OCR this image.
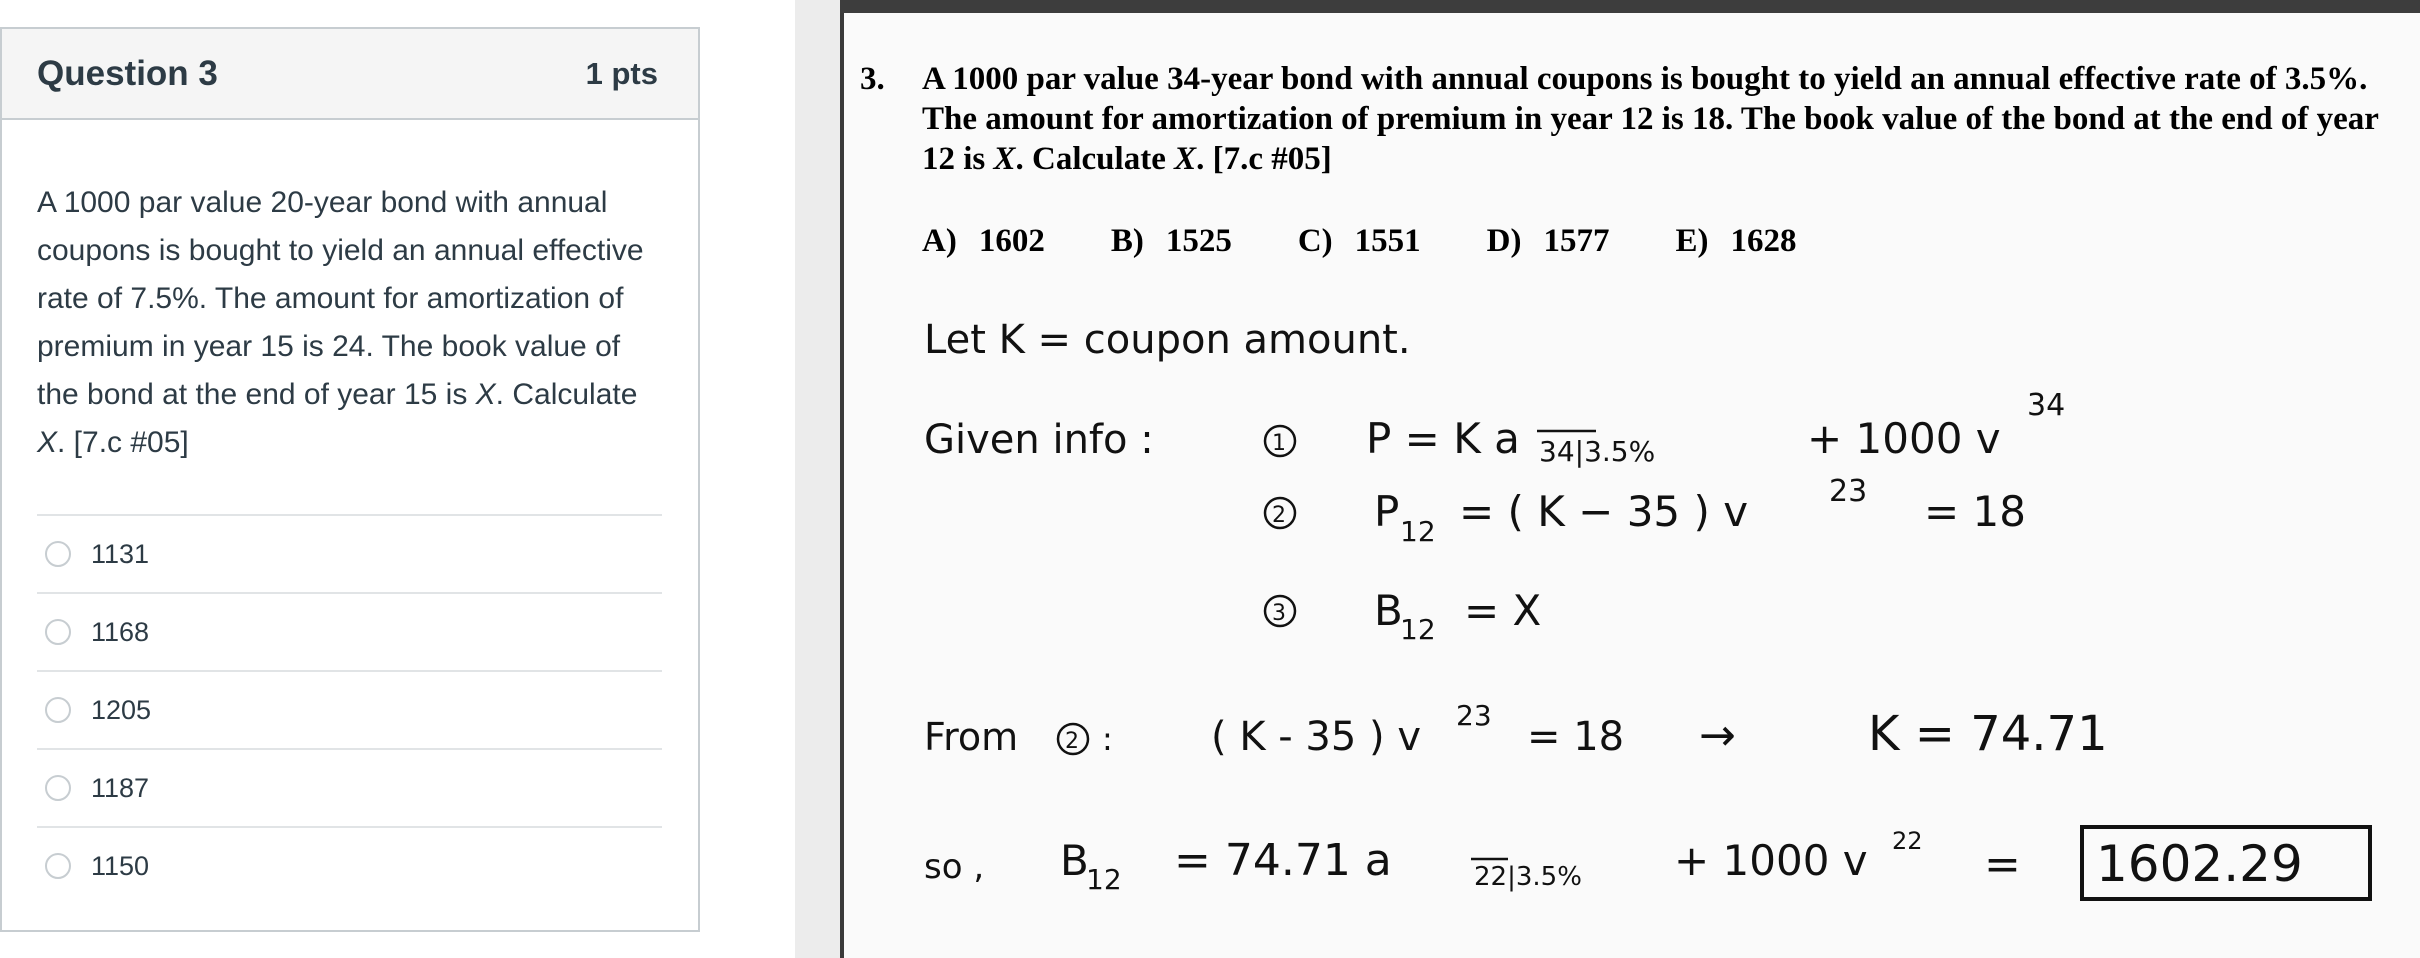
Question 3	1 pts
A 1000 par value 20-year bond with annual coupons is bought to yield an annual effective rate of 7.5%. The amount for amortization of premium in year 15 is 24. The book value of the bond at the end of year 15 is X. Calculate X. [7.c #05]
1131
1168
1205
1187
1150
3. A 1000 par value 34-year bond with annual coupons is bought to yield an annual effective rate of 3.5%.
The amount for amortization of premium in year 12 is 18. The book value of the bond at the end of year
12 is X. Calculate X. [7.c #05]
A) 1602 B) 1525 C) 1551 D) 1577 E) 1628
Let K = coupon amount.
Given info :	1 P = K a 34|3.5%	+ 1000 v
34
2 P 12 = ( K − 35 ) v	23 = 18
3 B
12 = X
From 2 : ( K - 35 ) v 23 = 18 →	K = 74.71
so , B
12 = 74.71 a	22|3.5% + 1000 v 22 = 1602.29
